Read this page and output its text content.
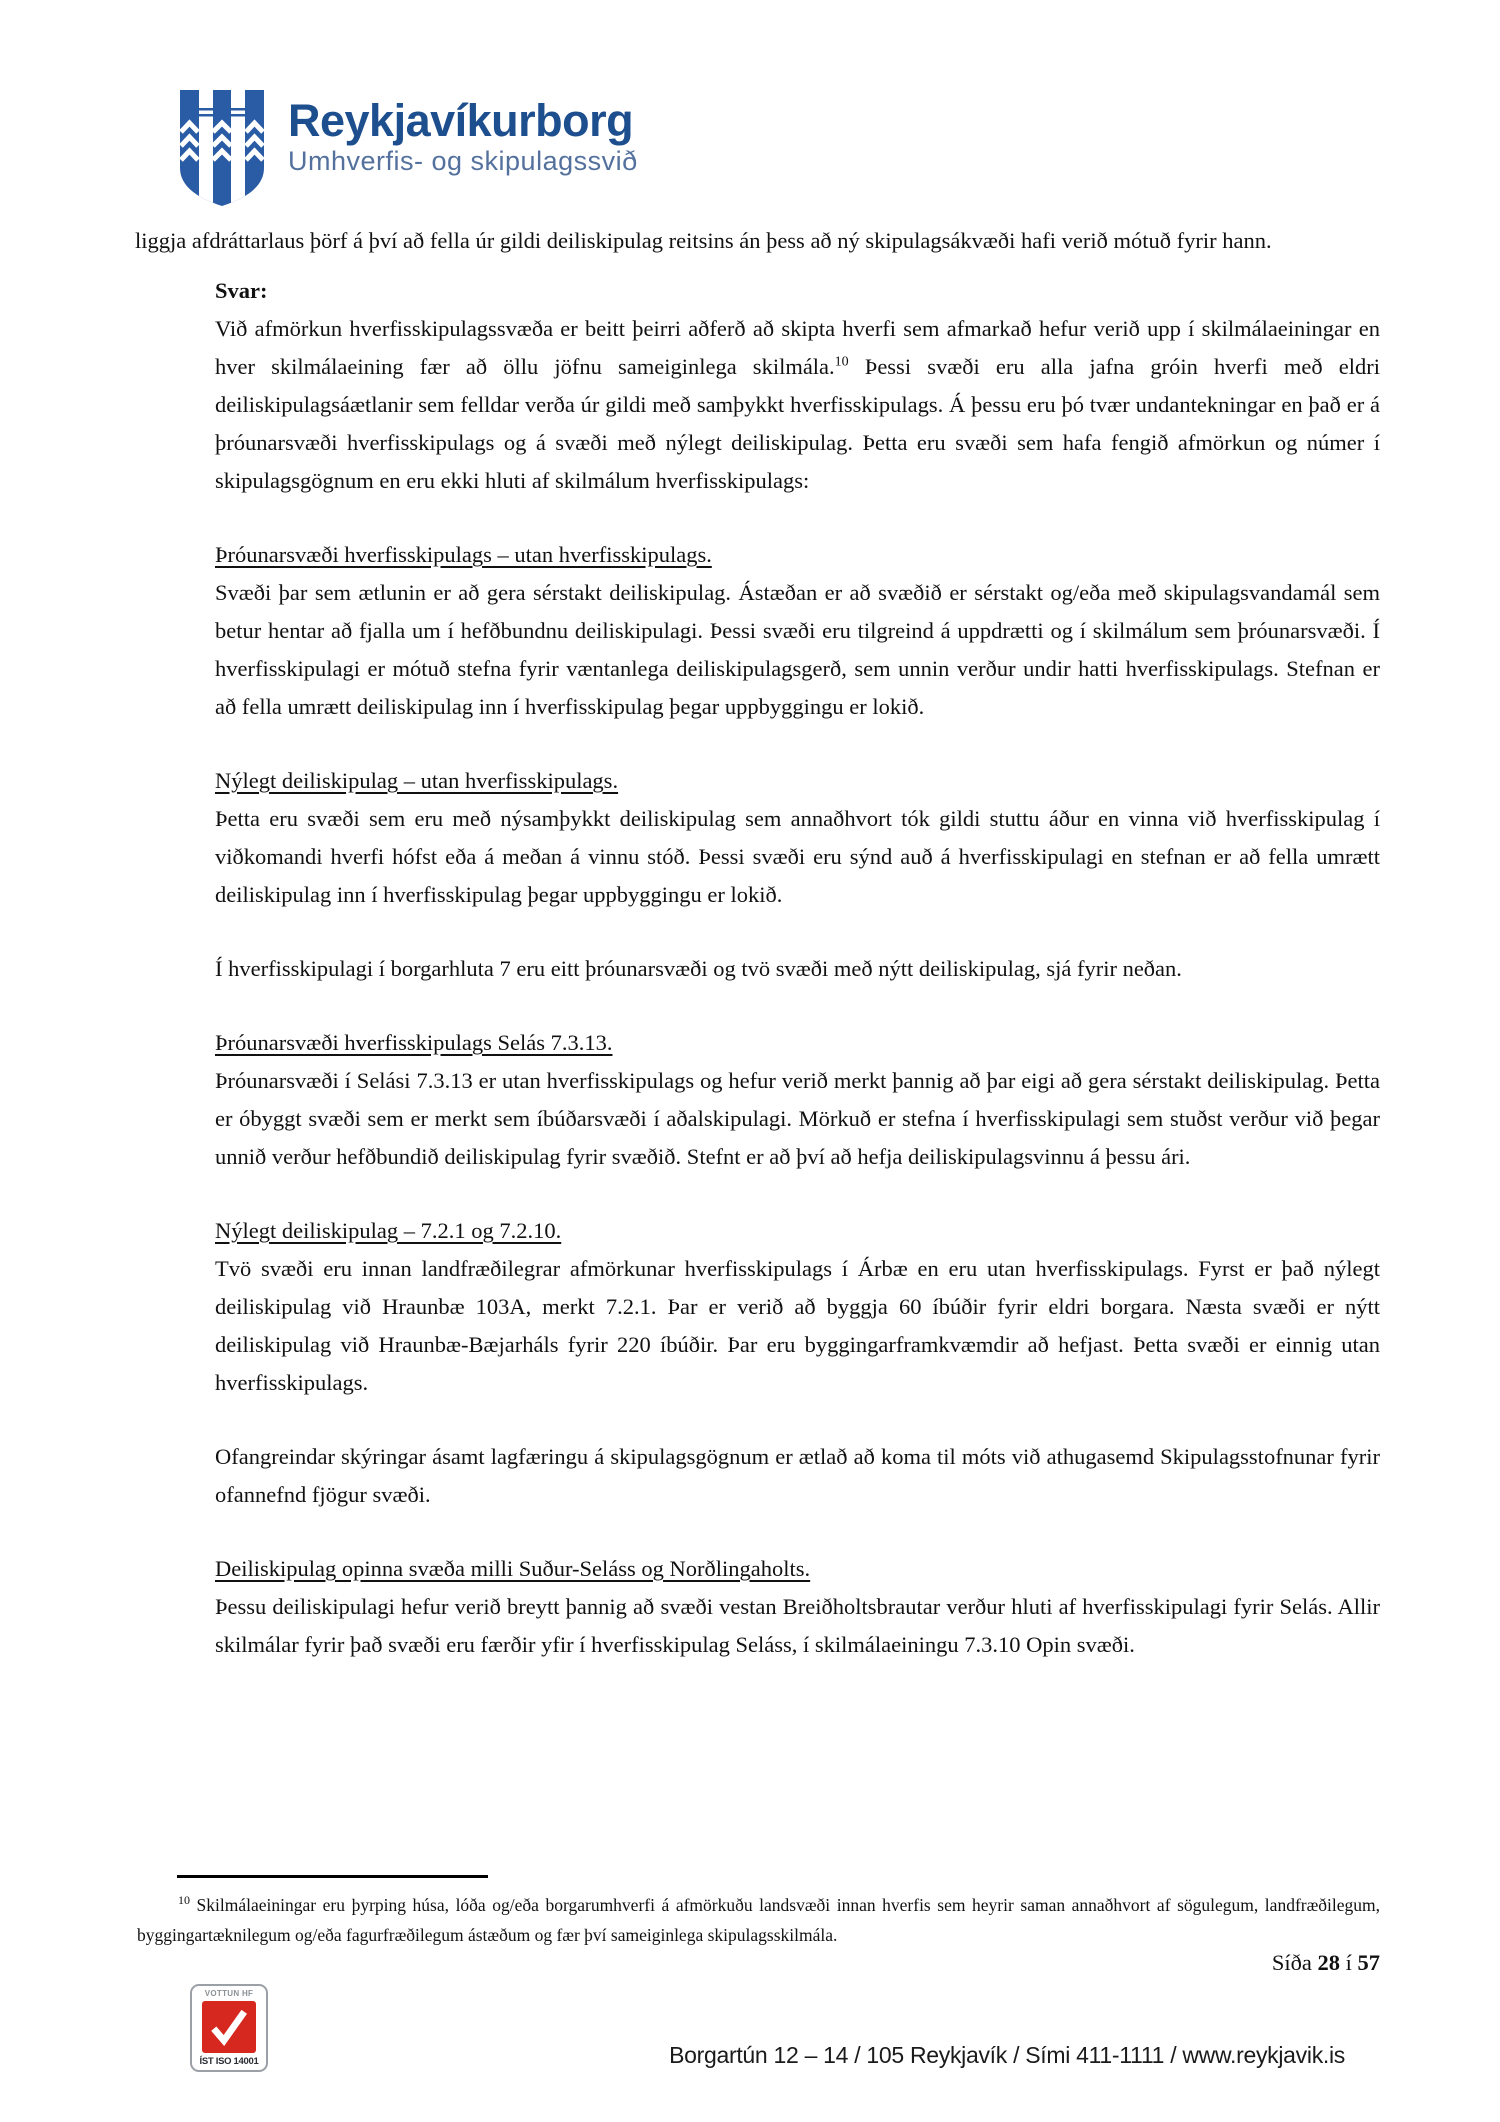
Reykjavíkurborg
Umhverfis- og skipulagssvið

liggja afdráttarlaus þörf á því að fella úr gildi deiliskipulag reitsins án þess að ný skipulagsákvæði hafi verið mótuð fyrir hann.

Svar:

Við afmörkun hverfisskipulagssvæða er beitt þeirri aðferð að skipta hverfi sem afmarkað hefur verið upp í skilmálaeiningar en hver skilmálaeining fær að öllu jöfnu sameiginlega skilmála.$^{10}$ Þessi svæði eru alla jafna gróin hverfi með eldri deiliskipulagsáætlanir sem felldar verða úr gildi með samþykkt hverfisskipulags. Á þessu eru þó tvær undantekningar en það er á þróunarsvæði hverfisskipulags og á svæði með nýlegt deiliskipulag. Þetta eru svæði sem hafa fengið afmörkun og númer í skipulagsgögnum en eru ekki hluti af skilmálum hverfisskipulags:

Þróunarsvæði hverfisskipulags – utan hverfisskipulags.

Svæði þar sem ætlunin er að gera sérstakt deiliskipulag. Ástæðan er að svæðið er sérstakt og/eða með skipulagsvandamál sem betur hentar að fjalla um í hefðbundnu deiliskipulagi. Þessi svæði eru tilgreind á uppdrætti og í skilmálum sem þróunarsvæði. Í hverfisskipulagi er mótuð stefna fyrir væntanlega deiliskipulagsgerð, sem unnin verður undir hatti hverfisskipulags. Stefnan er að fella umrætt deiliskipulag inn í hverfisskipulag þegar uppbyggingu er lokið.

Nýlegt deiliskipulag – utan hverfisskipulags.

Þetta eru svæði sem eru með nýsamþykkt deiliskipulag sem annaðhvort tók gildi stuttu áður en vinna við hverfisskipulag í viðkomandi hverfi hófst eða á meðan á vinnu stóð. Þessi svæði eru sýnd auð á hverfisskipulagi en stefnan er að fella umrætt deiliskipulag inn í hverfisskipulag þegar uppbyggingu er lokið.

Í hverfisskipulagi í borgarhluta 7 eru eitt þróunarsvæði og tvö svæði með nýtt deiliskipulag, sjá fyrir neðan.

Þróunarsvæði hverfisskipulags Selás 7.3.13.

Þróunarsvæði í Selási 7.3.13 er utan hverfisskipulags og hefur verið merkt þannig að þar eigi að gera sérstakt deiliskipulag. Þetta er óbyggt svæði sem er merkt sem íbúðarsvæði í aðalskipulagi. Mörkuð er stefna í hverfisskipulagi sem stuðst verður við þegar unnið verður hefðbundið deiliskipulag fyrir svæðið. Stefnt er að því að hefja deiliskipulagsvinnu á þessu ári.

Nýlegt deiliskipulag – 7.2.1 og 7.2.10.

Tvö svæði eru innan landfræðilegrar afmörkunar hverfisskipulags í Árbæ en eru utan hverfisskipulags. Fyrst er það nýlegt deiliskipulag við Hraunbæ 103A, merkt 7.2.1. Þar er verið að byggja 60 íbúðir fyrir eldri borgara. Næsta svæði er nýtt deiliskipulag við Hraunbæ-Bæjarháls fyrir 220 íbúðir. Þar eru byggingarframkvæmdir að hefjast. Þetta svæði er einnig utan hverfisskipulags.

Ofangreindar skýringar ásamt lagfæringu á skipulagsgögnum er ætlað að koma til móts við athugasemd Skipulagsstofnunar fyrir ofannefnd fjögur svæði.

Deiliskipulag opinna svæða milli Suður-Seláss og Norðlingaholts.

Þessu deiliskipulagi hefur verið breytt þannig að svæði vestan Breiðholtsbrautar verður hluti af hverfisskipulagi fyrir Selás. Allir skilmálar fyrir það svæði eru færðir yfir í hverfisskipulag Seláss, í skilmálaeiningu 7.3.10 Opin svæði.

$^{10}$ Skilmálaeiningar eru þyrping húsa, lóða og/eða borgarumhverfi á afmörkuðu landsvæði innan hverfis sem heyrir saman annaðhvort af sögulegum, landfræðilegum, byggingartæknilegum og/eða fagurfræðilegum ástæðum og fær því sameiginlega skipulagsskilmála.

Síða 28 í 57
VOTTUN HF
ÍST ISO 14001	Borgartún 12 – 14 / 105 Reykjavík / Sími 411-1111 / www.reykjavik.is
